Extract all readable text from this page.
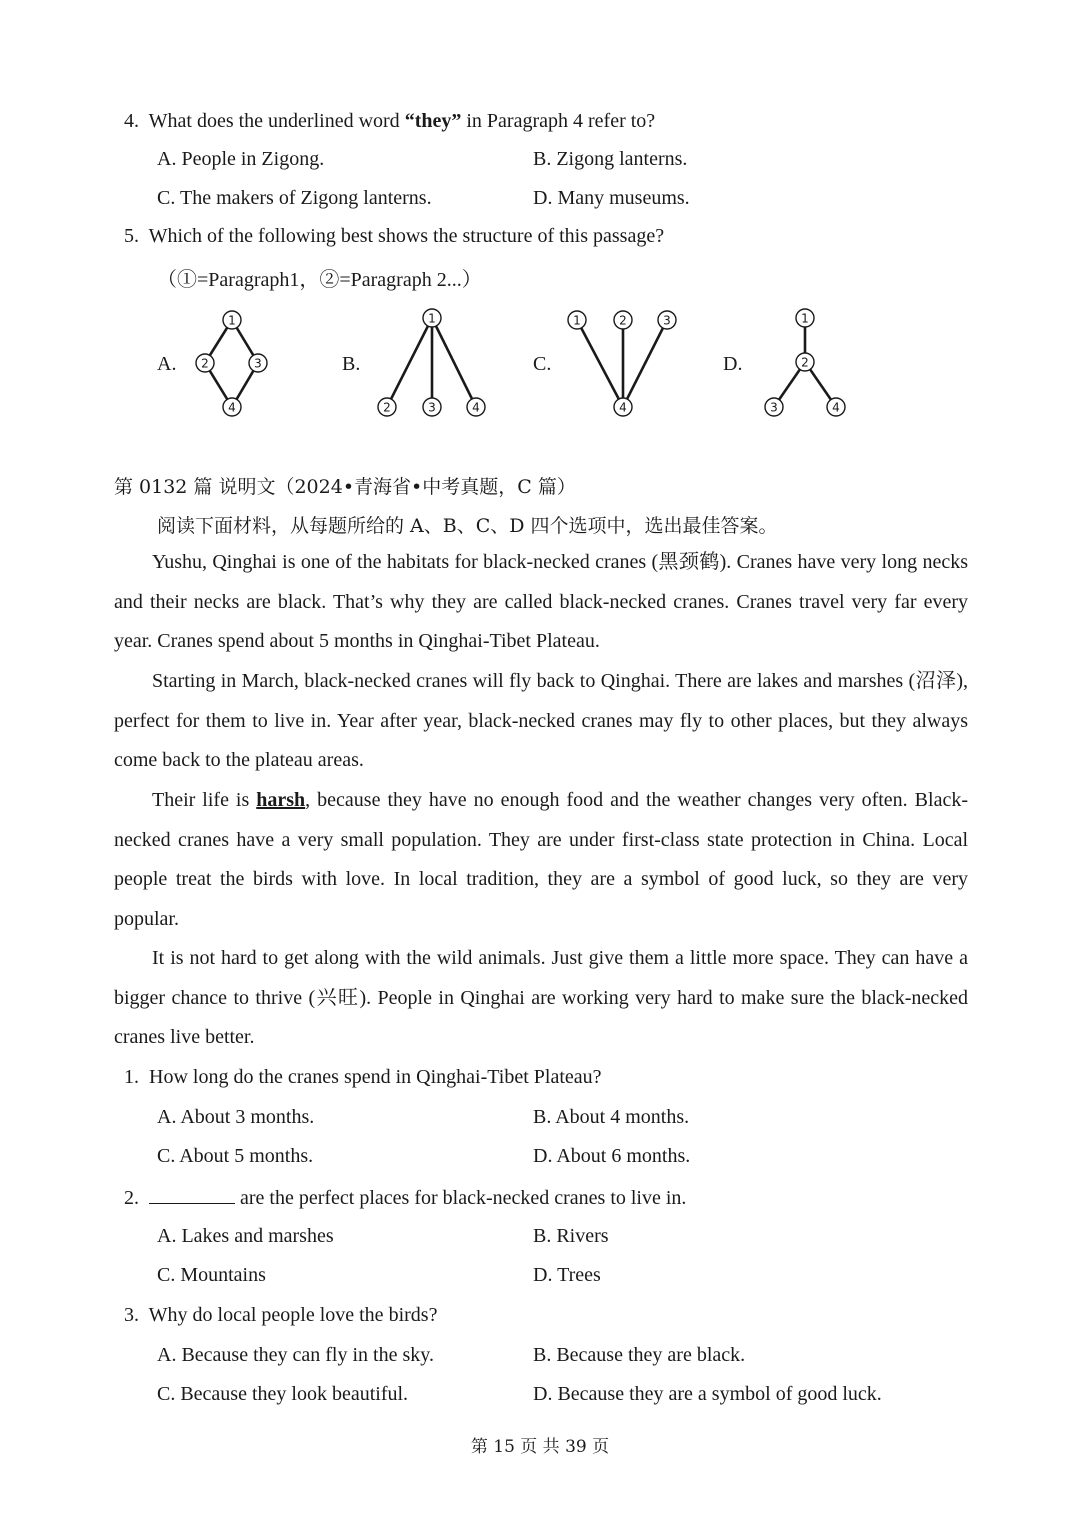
4. What does the underlined word “they” in Paragraph 4 refer to?
A. People in Zigong.	B. Zigong lanterns.
C. The makers of Zigong lanterns.	D. Many museums.
5. Which of the following best shows the structure of this passage?
（①=Paragraph1，②=Paragraph 2...）
A.
1
2	3
4
B.
1
2	3	4
C.
1	2	3
4
D.
1
2
3	4
第 0132 篇 说明文（2024•青海省•中考真题，C 篇）
阅读下面材料，从每题所给的 A、B、C、D 四个选项中，选出最佳答案。
Yushu, Qinghai is one of the habitats for black-necked cranes (黑颈鹤). Cranes have very long necks and their necks are black. That’s why they are called black-necked cranes. Cranes travel very far every year. Cranes spend about 5 months in Qinghai-Tibet Plateau.
Starting in March, black-necked cranes will fly back to Qinghai. There are lakes and marshes (沼泽), perfect for them to live in. Year after year, black-necked cranes may fly to other places, but they always come back to the plateau areas.
Their life is harsh, because they have no enough food and the weather changes very often. Black-necked cranes have a very small population. They are under first-class state protection in China. Local people treat the birds with love. In local tradition, they are a symbol of good luck, so they are very popular.
It is not hard to get along with the wild animals. Just give them a little more space. They can have a bigger chance to thrive (兴旺). People in Qinghai are working very hard to make sure the black-necked cranes live better.
1. How long do the cranes spend in Qinghai-Tibet Plateau?
A. About 3 months.	B. About 4 months.
C. About 5 months.	D. About 6 months.
2.	are the perfect places for black-necked cranes to live in.
A. Lakes and marshes	B. Rivers
C. Mountains	D. Trees
3. Why do local people love the birds?
A. Because they can fly in the sky.	B. Because they are black.
C. Because they look beautiful.	D. Because they are a symbol of good luck.
第 15 页 共 39 页
